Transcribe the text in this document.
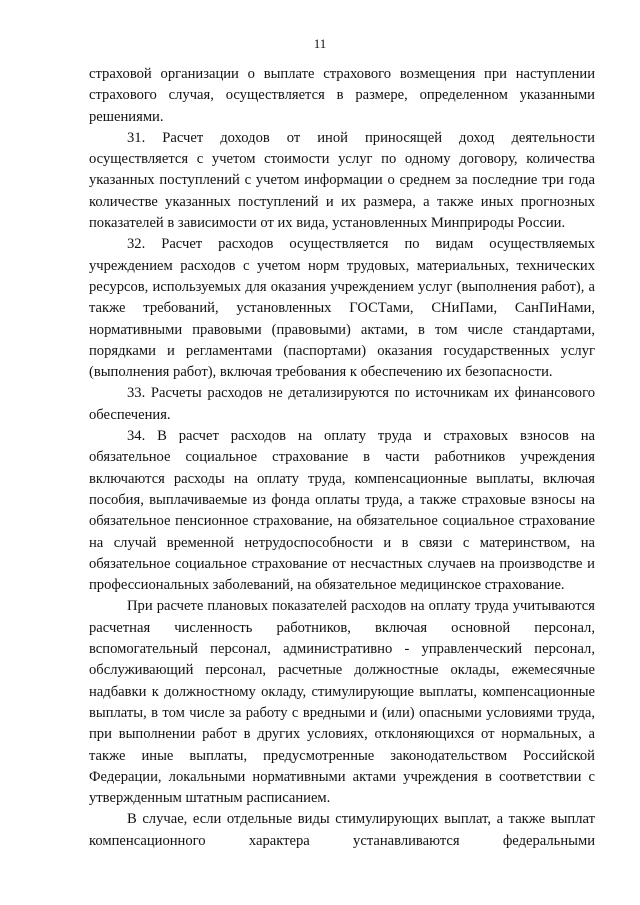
11

страховой организации о выплате страхового возмещения при наступлении страхового случая, осуществляется в размере, определенном указанными решениями.

31. Расчет доходов от иной приносящей доход деятельности осуществляется с учетом стоимости услуг по одному договору, количества указанных поступлений с учетом информации о среднем за последние три года количестве указанных поступлений и их размера, а также иных прогнозных показателей в зависимости от их вида, установленных Минприроды России.

32. Расчет расходов осуществляется по видам осуществляемых учреждением расходов с учетом норм трудовых, материальных, технических ресурсов, используемых для оказания учреждением услуг (выполнения работ), а также требований, установленных ГОСТами, СНиПами, СанПиНами, нормативными правовыми (правовыми) актами, в том числе стандартами, порядками и регламентами (паспортами) оказания государственных услуг (выполнения работ), включая требования к обеспечению их безопасности.

33. Расчеты расходов не детализируются по источникам их финансового обеспечения.

34. В расчет расходов на оплату труда и страховых взносов на обязательное социальное страхование в части работников учреждения включаются расходы на оплату труда, компенсационные выплаты, включая пособия, выплачиваемые из фонда оплаты труда, а также страховые взносы на обязательное пенсионное страхование, на обязательное социальное страхование на случай временной нетрудоспособности и в связи с материнством, на обязательное социальное страхование от несчастных случаев на производстве и профессиональных заболеваний, на обязательное медицинское страхование.

При расчете плановых показателей расходов на оплату труда учитываются расчетная численность работников, включая основной персонал, вспомогательный персонал, административно - управленческий персонал, обслуживающий персонал, расчетные должностные оклады, ежемесячные надбавки к должностному окладу, стимулирующие выплаты, компенсационные выплаты, в том числе за работу с вредными и (или) опасными условиями труда, при выполнении работ в других условиях, отклоняющихся от нормальных, а также иные выплаты, предусмотренные законодательством Российской Федерации, локальными нормативными актами учреждения в соответствии с утвержденным штатным расписанием.

В случае, если отдельные виды стимулирующих выплат, а также выплат компенсационного характера устанавливаются федеральными
